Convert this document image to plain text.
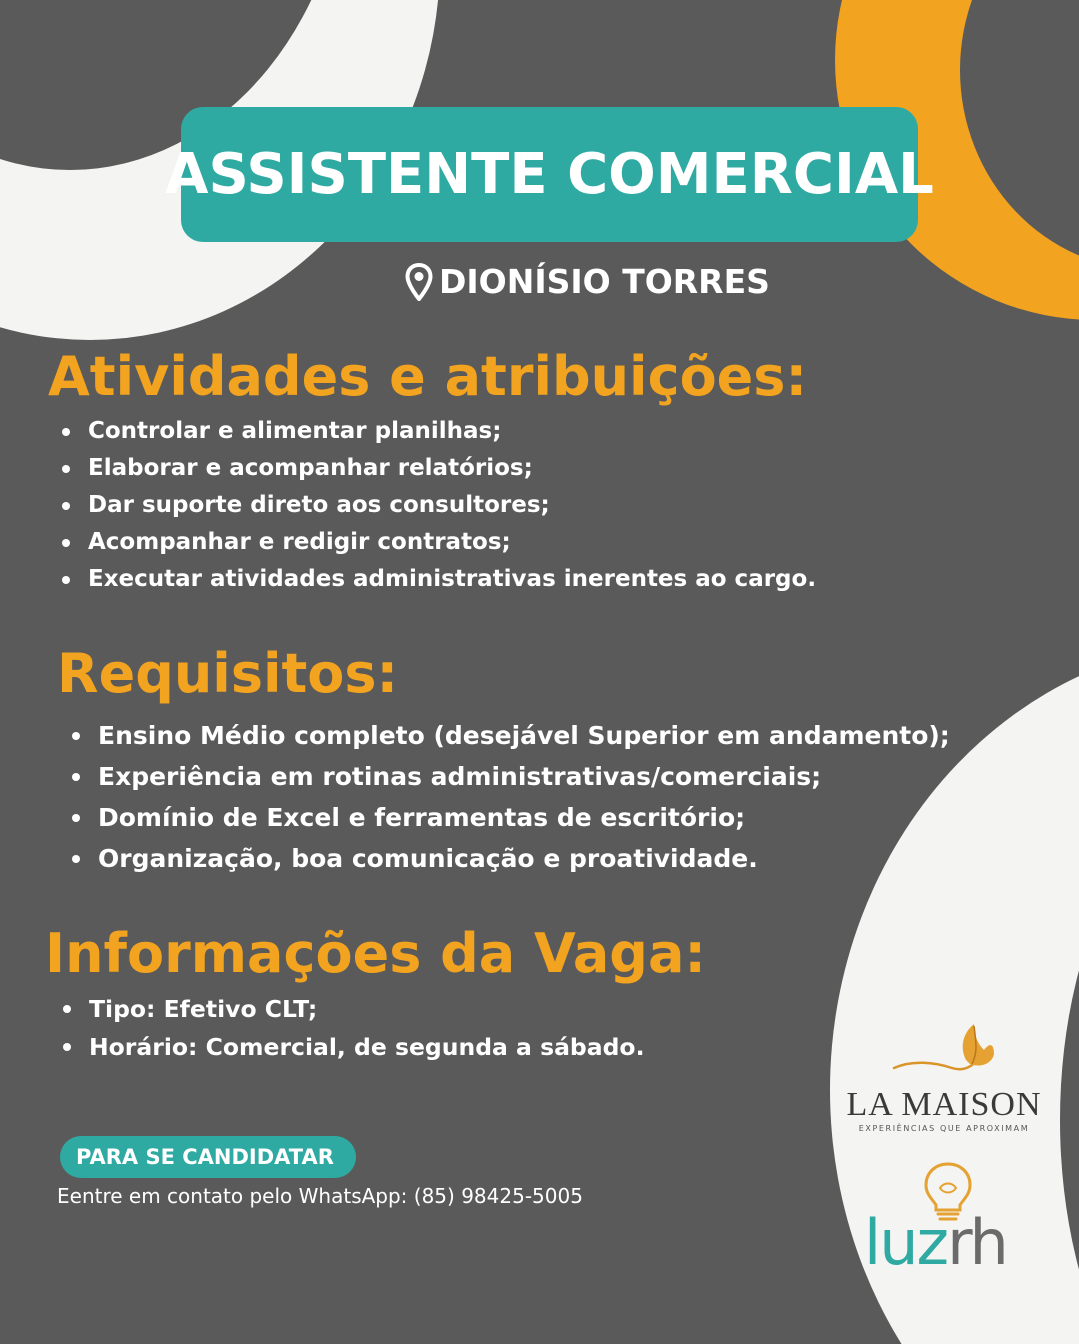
ASSISTENTE COMERCIAL
DIONÍSIO TORRES
Atividades e atribuições:
Controlar e alimentar planilhas;
Elaborar e acompanhar relatórios;
Dar suporte direto aos consultores;
Acompanhar e redigir contratos;
Executar atividades administrativas inerentes ao cargo.
Requisitos:
Ensino Médio completo (desejável Superior em andamento);
Experiência em rotinas administrativas/comerciais;
Domínio de Excel e ferramentas de escritório;
Organização, boa comunicação e proatividade.
Informações da Vaga:
Tipo: Efetivo CLT;
Horário: Comercial, de segunda a sábado.
PARA SE CANDIDATAR
Eentre em contato pelo WhatsApp: (85) 98425-5005
LA MAISON
EXPERIÊNCIAS QUE APROXIMAM
luzrh
